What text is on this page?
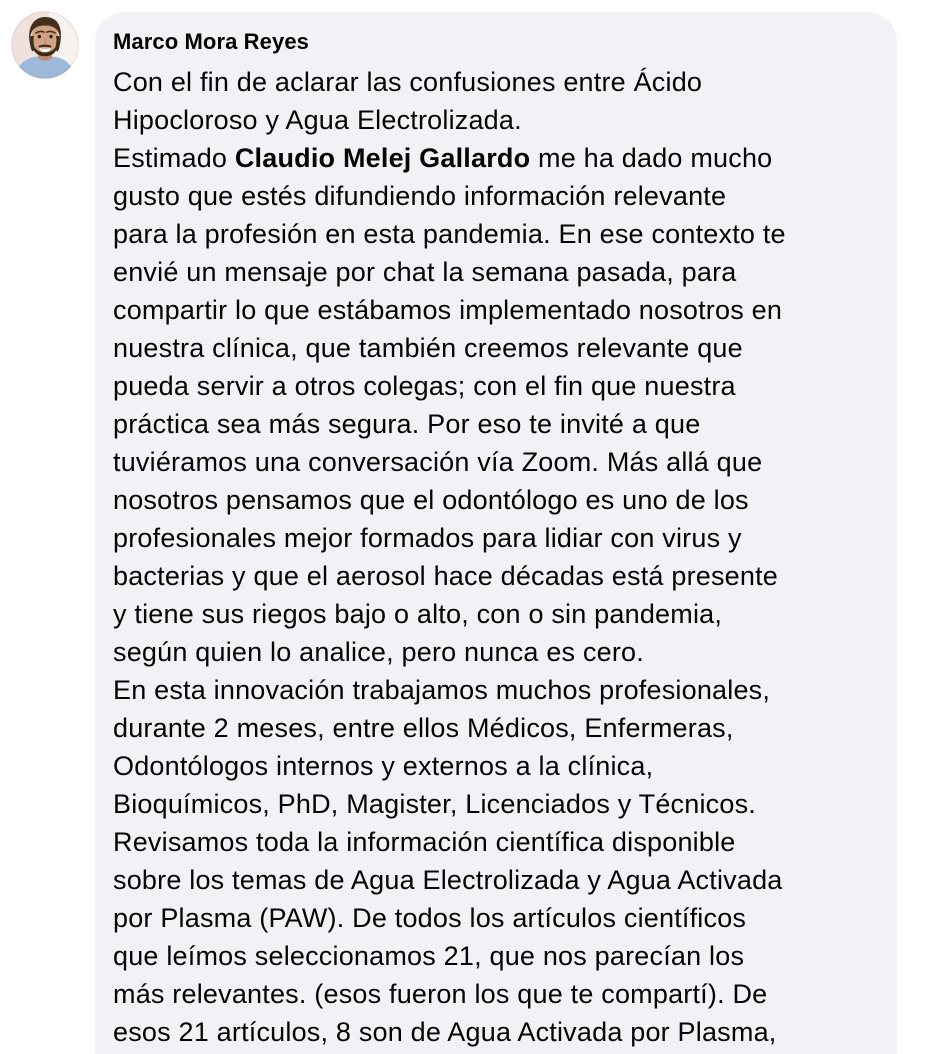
Marco Mora Reyes
Con el fin de aclarar las confusiones entre Ácido
Hipocloroso y Agua Electrolizada.
Estimado Claudio Melej Gallardo me ha dado mucho
gusto que estés difundiendo información relevante
para la profesión en esta pandemia. En ese contexto te
envié un mensaje por chat la semana pasada, para
compartir lo que estábamos implementado nosotros en
nuestra clínica, que también creemos relevante que
pueda servir a otros colegas; con el fin que nuestra
práctica sea más segura. Por eso te invité a que
tuviéramos una conversación vía Zoom. Más allá que
nosotros pensamos que el odontólogo es uno de los
profesionales mejor formados para lidiar con virus y
bacterias y que el aerosol hace décadas está presente
y tiene sus riegos bajo o alto, con o sin pandemia,
según quien lo analice, pero nunca es cero.
En esta innovación trabajamos muchos profesionales,
durante 2 meses, entre ellos Médicos, Enfermeras,
Odontólogos internos y externos a la clínica,
Bioquímicos, PhD, Magister, Licenciados y Técnicos.
Revisamos toda la información científica disponible
sobre los temas de Agua Electrolizada y Agua Activada
por Plasma (PAW). De todos los artículos científicos
que leímos seleccionamos 21, que nos parecían los
más relevantes. (esos fueron los que te compartí). De
esos 21 artículos, 8 son de Agua Activada por Plasma,
